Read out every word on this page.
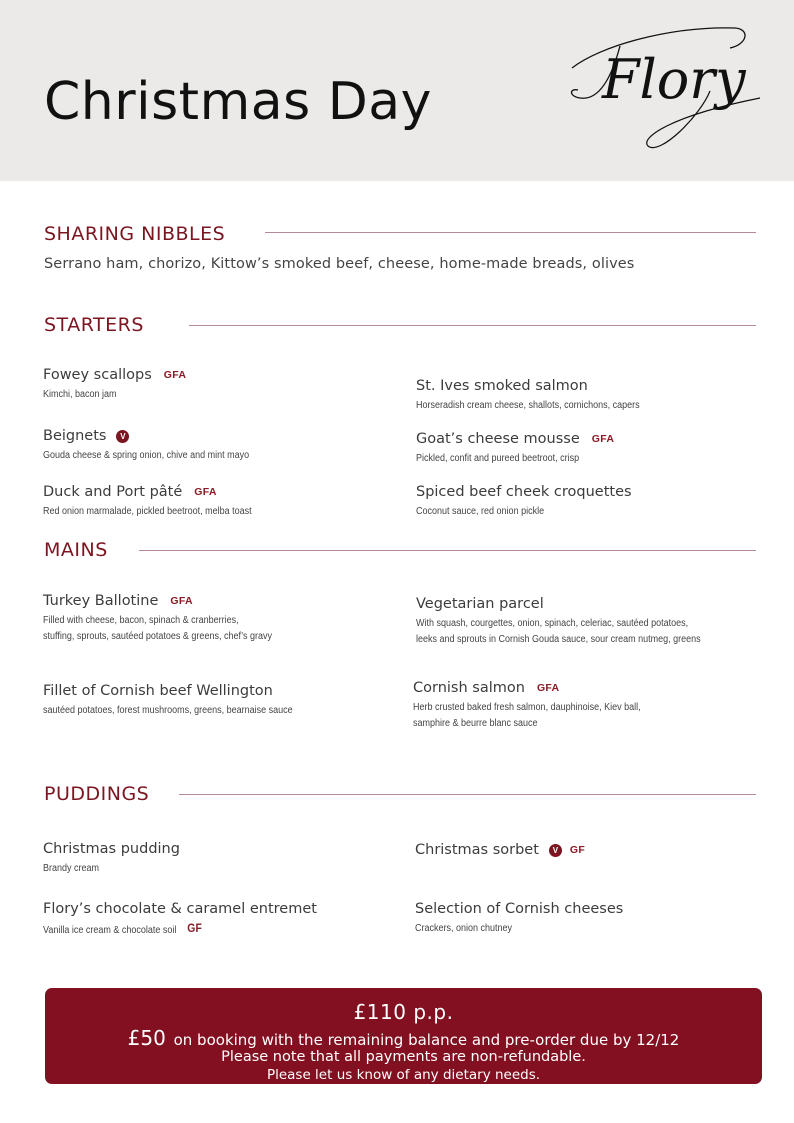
Christmas Day	Flory
SHARING NIBBLES
Serrano ham, chorizo, Kittow’s smoked beef, cheese, home-made breads, olives
STARTERS
Fowey scallops GFA
Kimchi, bacon jam
St. Ives smoked salmon
Horseradish cream cheese, shallots, cornichons, capers
Beignets V
Gouda cheese & spring onion, chive and mint mayo
Goat’s cheese mousse GFA
Pickled, confit and pureed beetroot, crisp
Duck and Port pâté GFA
Red onion marmalade, pickled beetroot, melba toast
Spiced beef cheek croquettes
Coconut sauce, red onion pickle
MAINS
Turkey Ballotine GFA
Filled with cheese, bacon, spinach & cranberries,
stuffing, sprouts, sautéed potatoes & greens, chef’s gravy
Vegetarian parcel
With squash, courgettes, onion, spinach, celeriac, sautéed potatoes,
leeks and sprouts in Cornish Gouda sauce, sour cream nutmeg, greens
Fillet of Cornish beef Wellington
sautéed potatoes, forest mushrooms, greens, bearnaise sauce
Cornish salmon GFA
Herb crusted baked fresh salmon, dauphinoise, Kiev ball,
samphire & beurre blanc sauce
PUDDINGS
Christmas pudding
Brandy cream
Christmas sorbet V GF
Flory’s chocolate & caramel entremet
Vanilla ice cream & chocolate soil GF
Selection of Cornish cheeses
Crackers, onion chutney
£110 p.p.
£50 on booking with the remaining balance and pre-order due by 12/12
Please note that all payments are non-refundable.
Please let us know of any dietary needs.
